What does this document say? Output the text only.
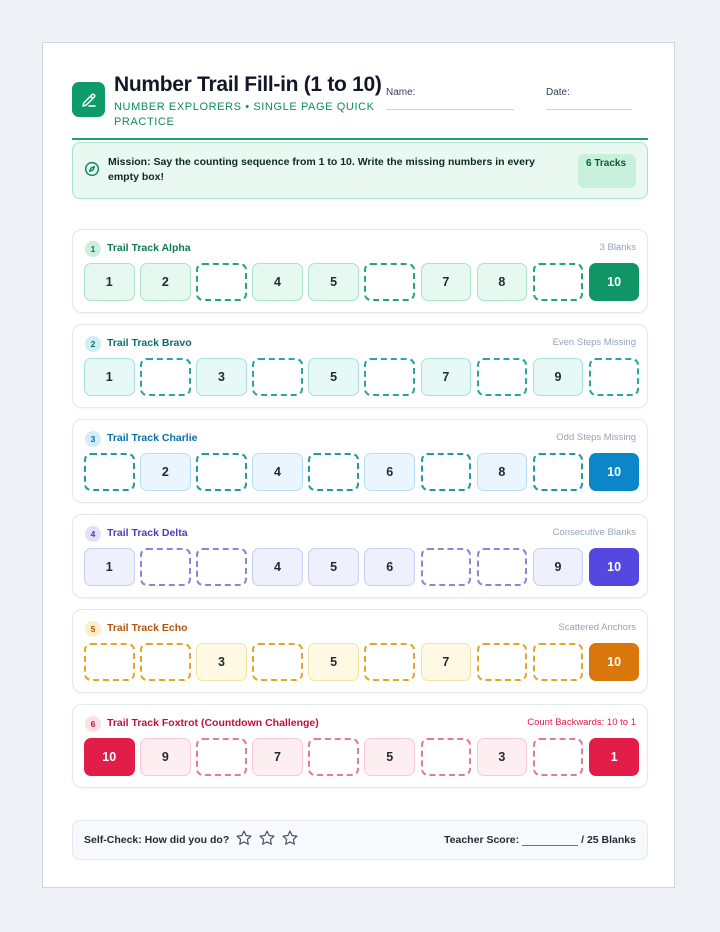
Number Trail Fill-in (1 to 10)
NUMBER EXPLORERS • SINGLE PAGE QUICK PRACTICE
Name:	Date:
Mission: Say the counting sequence from 1 to 10. Write the missing numbers in every empty box!
6 Tracks
1	Trail Track Alpha	3 Blanks
1	2	4	5	7	8	10
2	Trail Track Bravo	Even Steps Missing
1	3	5	7	9
3	Trail Track Charlie	Odd Steps Missing
2	4	6	8	10
4	Trail Track Delta	Consecutive Blanks
1	4	5	6	9	10
5	Trail Track Echo	Scattered Anchors
3	5	7	10
6	Trail Track Foxtrot (Countdown Challenge)	Count Backwards: 10 to 1
10	9	7	5	3	1
Self-Check: How did you do?	Teacher Score:	/ 25 Blanks
